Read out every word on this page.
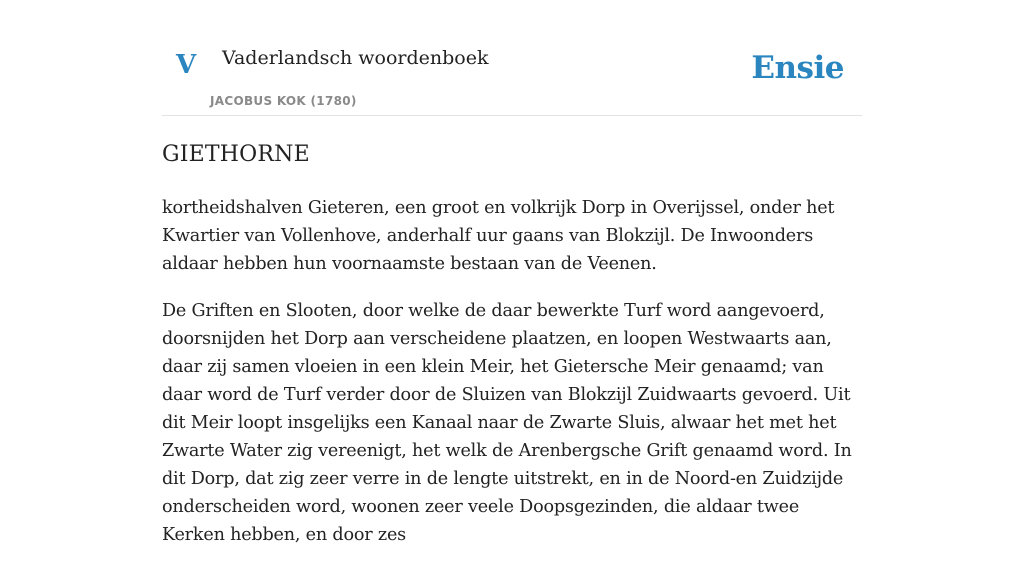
V Vaderlandsch woordenboek
JACOBUS KOK (1780)
Ensie
GIETHORNE

kortheidshalven Gieteren, een groot en volkrijk Dorp in Overijssel, onder het Kwartier van Vollenhove, anderhalf uur gaans van Blokzijl. De Inwoonders aldaar hebben hun voornaamste bestaan van de Veenen.

De Griften en Slooten, door welke de daar bewerkte Turf word aangevoerd, doorsnijden het Dorp aan verscheidene plaatzen, en loopen Westwaarts aan, daar zij samen vloeien in een klein Meir, het Gietersche Meir genaamd; van daar word de Turf verder door de Sluizen van Blokzijl Zuidwaarts gevoerd. Uit dit Meir loopt insgelijks een Kanaal naar de Zwarte Sluis, alwaar het met het Zwarte Water zig vereenigt, het welk de Arenbergsche Grift genaamd word. In dit Dorp, dat zig zeer verre in de lengte uitstrekt, en in de Noord-en Zuidzijde onderscheiden word, woonen zeer veele Doopsgezinden, die aldaar twee Kerken hebben, en door zes
